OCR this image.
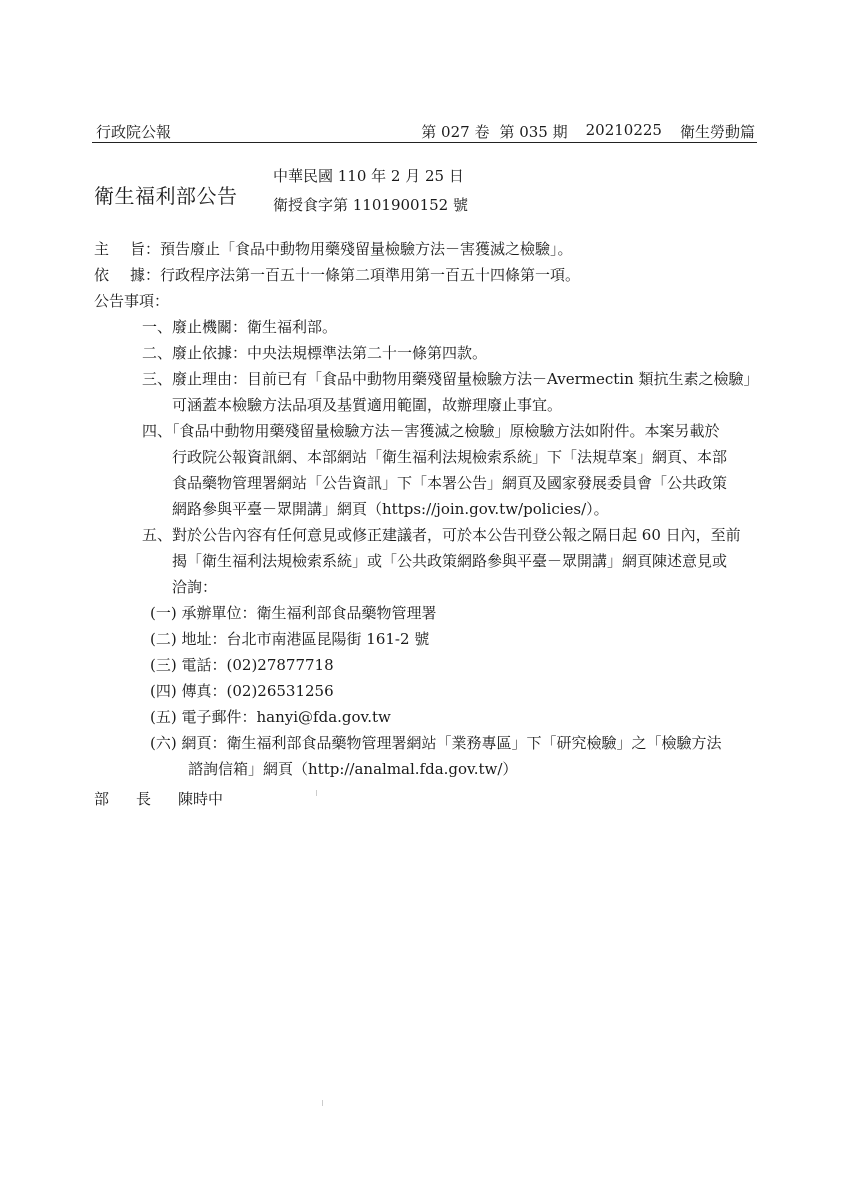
行政院公報	第 027 卷 第 035 期 20210225 衛生勞動篇
衛生福利部公告
中華民國 110 年 2 月 25 日
衛授食字第 1101900152 號
主旨：預告廢止「食品中動物用藥殘留量檢驗方法－害獲滅之檢驗」。
依據：行政程序法第一百五十一條第二項準用第一百五十四條第一項。
公告事項：
一、廢止機關：衛生福利部。
二、廢止依據：中央法規標準法第二十一條第四款。
三、廢止理由：目前已有「食品中動物用藥殘留量檢驗方法－Avermectin 類抗生素之檢驗」
可涵蓋本檢驗方法品項及基質適用範圍，故辦理廢止事宜。
四、「食品中動物用藥殘留量檢驗方法－害獲滅之檢驗」原檢驗方法如附件。本案另載於
行政院公報資訊網、本部網站「衛生福利法規檢索系統」下「法規草案」網頁、本部
食品藥物管理署網站「公告資訊」下「本署公告」網頁及國家發展委員會「公共政策
網路參與平臺－眾開講」網頁（https://join.gov.tw/policies/）。
五、對於公告內容有任何意見或修正建議者，可於本公告刊登公報之隔日起 60 日內，至前
揭「衛生福利法規檢索系統」或「公共政策網路參與平臺－眾開講」網頁陳述意見或
洽詢：
(一) 承辦單位：衛生福利部食品藥物管理署
(二) 地址：台北市南港區昆陽街 161-2 號
(三) 電話：(02)27877718
(四) 傳真：(02)26531256
(五) 電子郵件：hanyi@fda.gov.tw
(六) 網頁：衛生福利部食品藥物管理署網站「業務專區」下「研究檢驗」之「檢驗方法
諮詢信箱」網頁（http://analmal.fda.gov.tw/）
部長陳時中
